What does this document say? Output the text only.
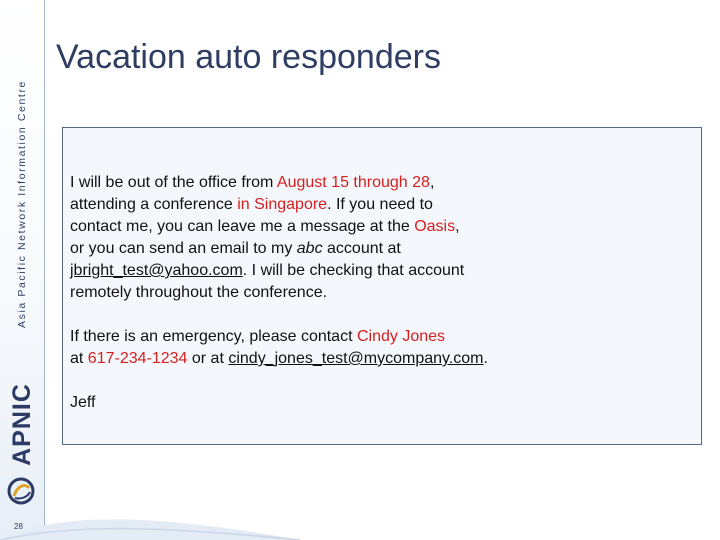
Asia Pacific Network Information Centre
APNIC
28
Vacation auto responders

I will be out of the office from August 15 through 28,
attending a conference in Singapore. If you need to
contact me, you can leave me a message at the Oasis,
or you can send an email to my abc account at
jbright_test@yahoo.com. I will be checking that account
remotely throughout the conference.

If there is an emergency, please contact Cindy Jones
at 617-234-1234 or at cindy_jones_test@mycompany.com.

Jeff
